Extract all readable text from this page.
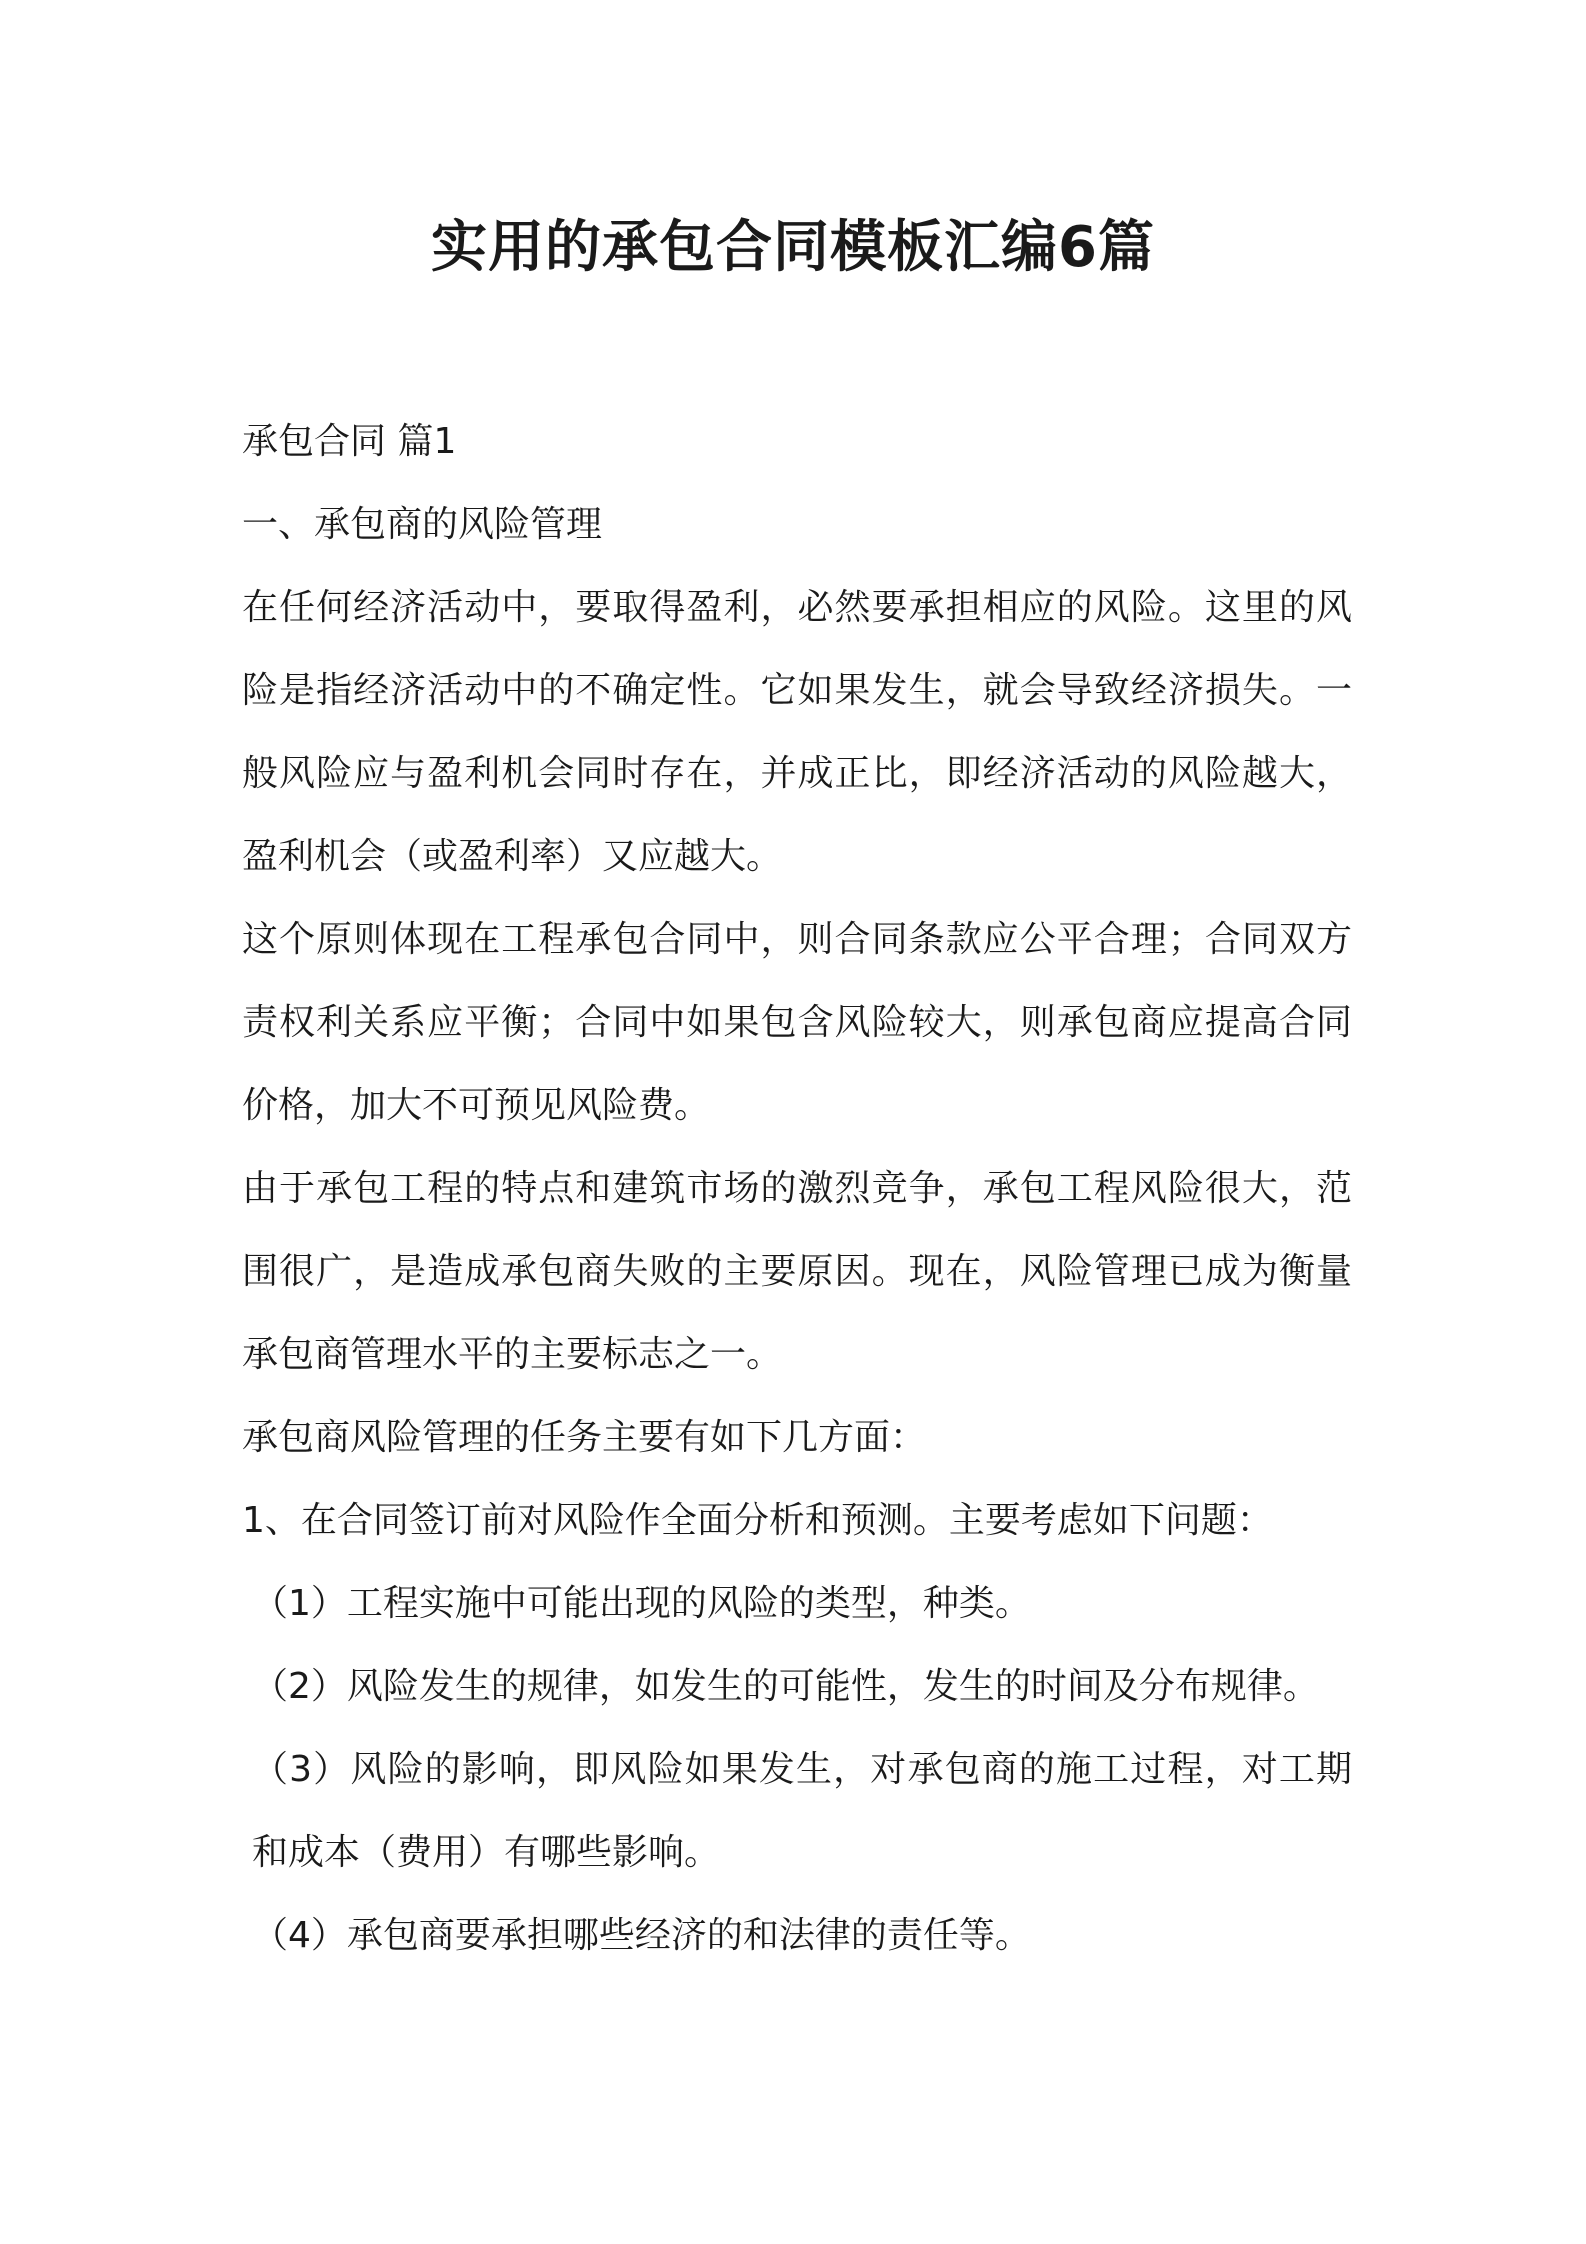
实用的承包合同模板汇编6篇

承包合同 篇1

一、承包商的风险管理

在任何经济活动中，要取得盈利，必然要承担相应的风险。这里的风险是指经济活动中的不确定性。它如果发生，就会导致经济损失。一般风险应与盈利机会同时存在，并成正比，即经济活动的风险越大，盈利机会（或盈利率）又应越大。

这个原则体现在工程承包合同中，则合同条款应公平合理；合同双方责权利关系应平衡；合同中如果包含风险较大，则承包商应提高合同价格，加大不可预见风险费。

由于承包工程的特点和建筑市场的激烈竞争，承包工程风险很大，范围很广，是造成承包商失败的主要原因。现在，风险管理已成为衡量承包商管理水平的主要标志之一。

承包商风险管理的任务主要有如下几方面：

1、在合同签订前对风险作全面分析和预测。主要考虑如下问题：

（1）工程实施中可能出现的风险的类型，种类。

（2）风险发生的规律，如发生的可能性，发生的时间及分布规律。

（3）风险的影响，即风险如果发生，对承包商的施工过程，对工期和成本（费用）有哪些影响。

（4）承包商要承担哪些经济的和法律的责任等。
